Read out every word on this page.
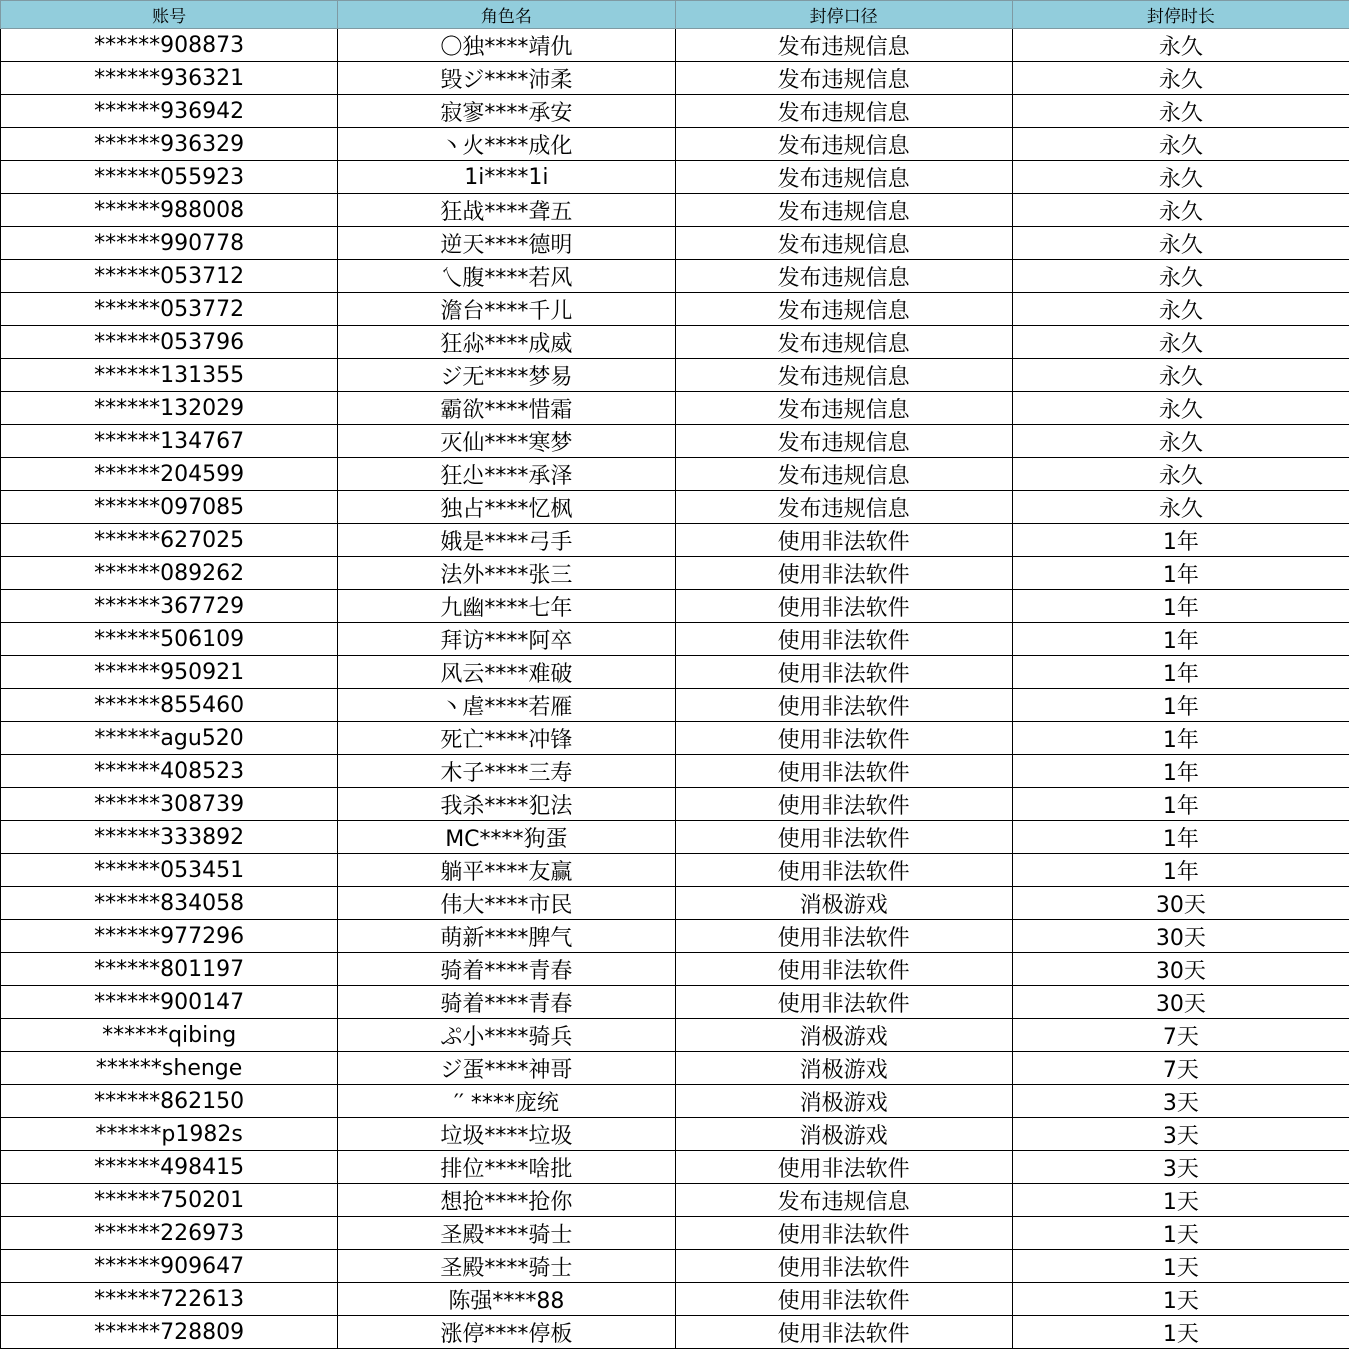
账号	角色名	封停口径	封停时长
******908873	〇独****靖仇	发布违规信息	永久
******936321	毁ジ****沛柔	发布违规信息	永久
******936942	寂寥****承安	发布违规信息	永久
******936329	丶火****成化	发布违规信息	永久
******055923	1i****1i	发布违规信息	永久
******988008	狂战****聋五	发布违规信息	永久
******990778	逆天****德明	发布违规信息	永久
******053712	乀腹****若风	发布违规信息	永久
******053772	澹台****千儿	发布违规信息	永久
******053796	狂尛****成威	发布违规信息	永久
******131355	ジ无****梦易	发布违规信息	永久
******132029	霸欲****惜霜	发布违规信息	永久
******134767	灭仙****寒梦	发布违规信息	永久
******204599	狂尐****承泽	发布违规信息	永久
******097085	独占****忆枫	发布违规信息	永久
******627025	娥是****弓手	使用非法软件	1年
******089262	法外****张三	使用非法软件	1年
******367729	九幽****七年	使用非法软件	1年
******506109	拜访****阿卒	使用非法软件	1年
******950921	风云****难破	使用非法软件	1年
******855460	丶虐****若雁	使用非法软件	1年
******agu520	死亡****冲锋	使用非法软件	1年
******408523	木子****三寿	使用非法软件	1年
******308739	我杀****犯法	使用非法软件	1年
******333892	MC****狗蛋	使用非法软件	1年
******053451	躺平****友赢	使用非法软件	1年
******834058	伟大****市民	消极游戏	30天
******977296	萌新****脾气	使用非法软件	30天
******801197	骑着****青春	使用非法软件	30天
******900147	骑着****青春	使用非法软件	30天
******qibing	ぷ小****骑兵	消极游戏	7天
******shenge	ジ蛋****神哥	消极游戏	7天
******862150	′′ ****庞统	消极游戏	3天
******p1982s	垃圾****垃圾	消极游戏	3天
******498415	排位****啥批	使用非法软件	3天
******750201	想抢****抢你	发布违规信息	1天
******226973	圣殿****骑士	使用非法软件	1天
******909647	圣殿****骑士	使用非法软件	1天
******722613	陈强****88	使用非法软件	1天
******728809	涨停****停板	使用非法软件	1天
